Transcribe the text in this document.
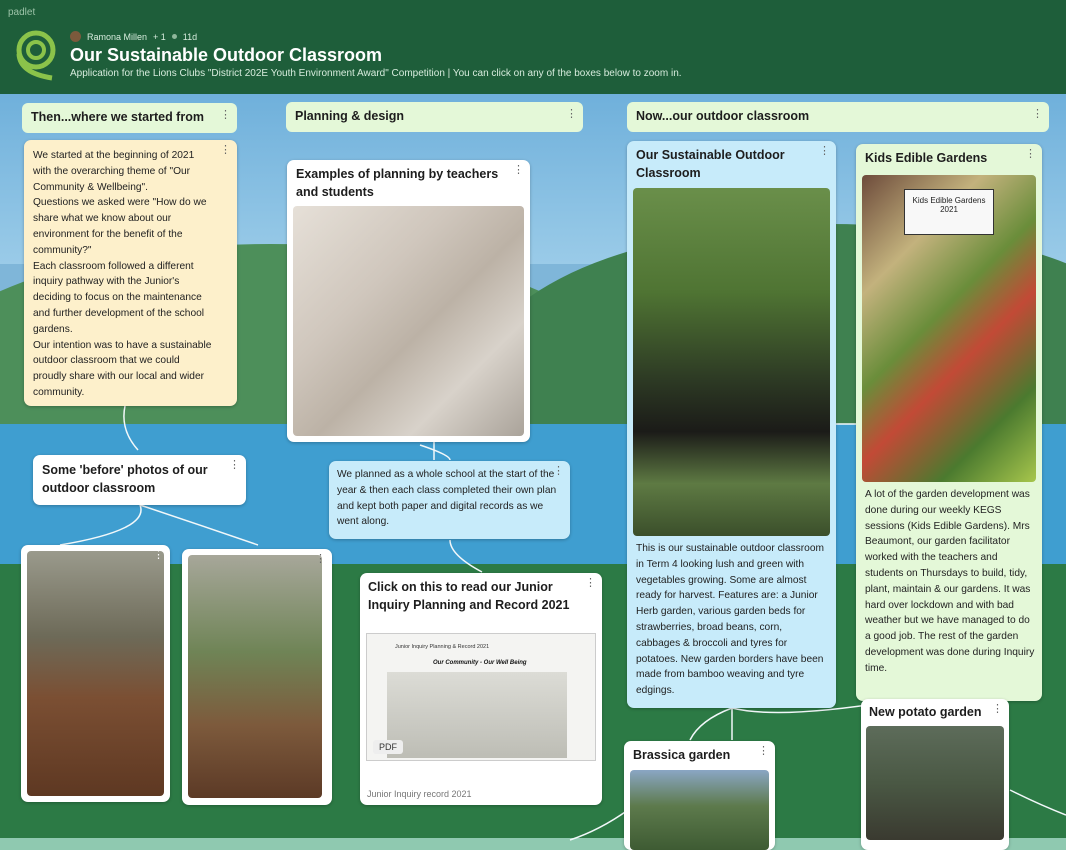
padlet
Ramona Millen + 1 11d
Our Sustainable Outdoor Classroom
Application for the Lions Clubs "District 202E Youth Environment Award" Competition | You can click on any of the boxes below to zoom in.
Then...where we started from	⋮	Planning & design	⋮	Now...our outdoor classroom	⋮
⋮

We started at the beginning of 2021
with the overarching theme of "Our
Community & Wellbeing".
Questions we asked were "How do we
share what we know about our
environment for the benefit of the
community?"
Each classroom followed a different
inquiry pathway with the Junior's
deciding to focus on the maintenance
and further development of the school
gardens.
Our intention was to have a sustainable
outdoor classroom that we could
proudly share with our local and wider
community.

⋮
Some 'before' photos of our outdoor classroom
⋮	⋮
⋮
Examples of planning by teachers and students
⋮

We planned as a whole school at the start of the year & then each class completed their own plan and kept both paper and digital records as we went along.

⋮
Click on this to read our Junior Inquiry Planning and Record 2021
Junior Inquiry Planning & Record 2021
Our Community - Our Well Being
PDF
Junior Inquiry record 2021
⋮
Our Sustainable Outdoor Classroom

This is our sustainable outdoor classroom in Term 4 looking lush and green with vegetables growing. Some are almost ready for harvest. Features are: a Junior Herb garden, various garden beds for strawberries, broad beans, corn, cabbages & broccoli and tyres for potatoes. New garden borders have been made from bamboo weaving and tyre edgings.

⋮
Kids Edible Gardens
Kids Edible Gardens
2021

A lot of the garden development was done during our weekly KEGS sessions (Kids Edible Gardens). Mrs Beaumont, our garden facilitator worked with the teachers and students on Thursdays to build, tidy, plant, maintain & our gardens. It was hard over lockdown and with bad weather but we have managed to do a good job. The rest of the garden development was done during Inquiry time.

⋮
Brassica garden
⋮
New potato garden
